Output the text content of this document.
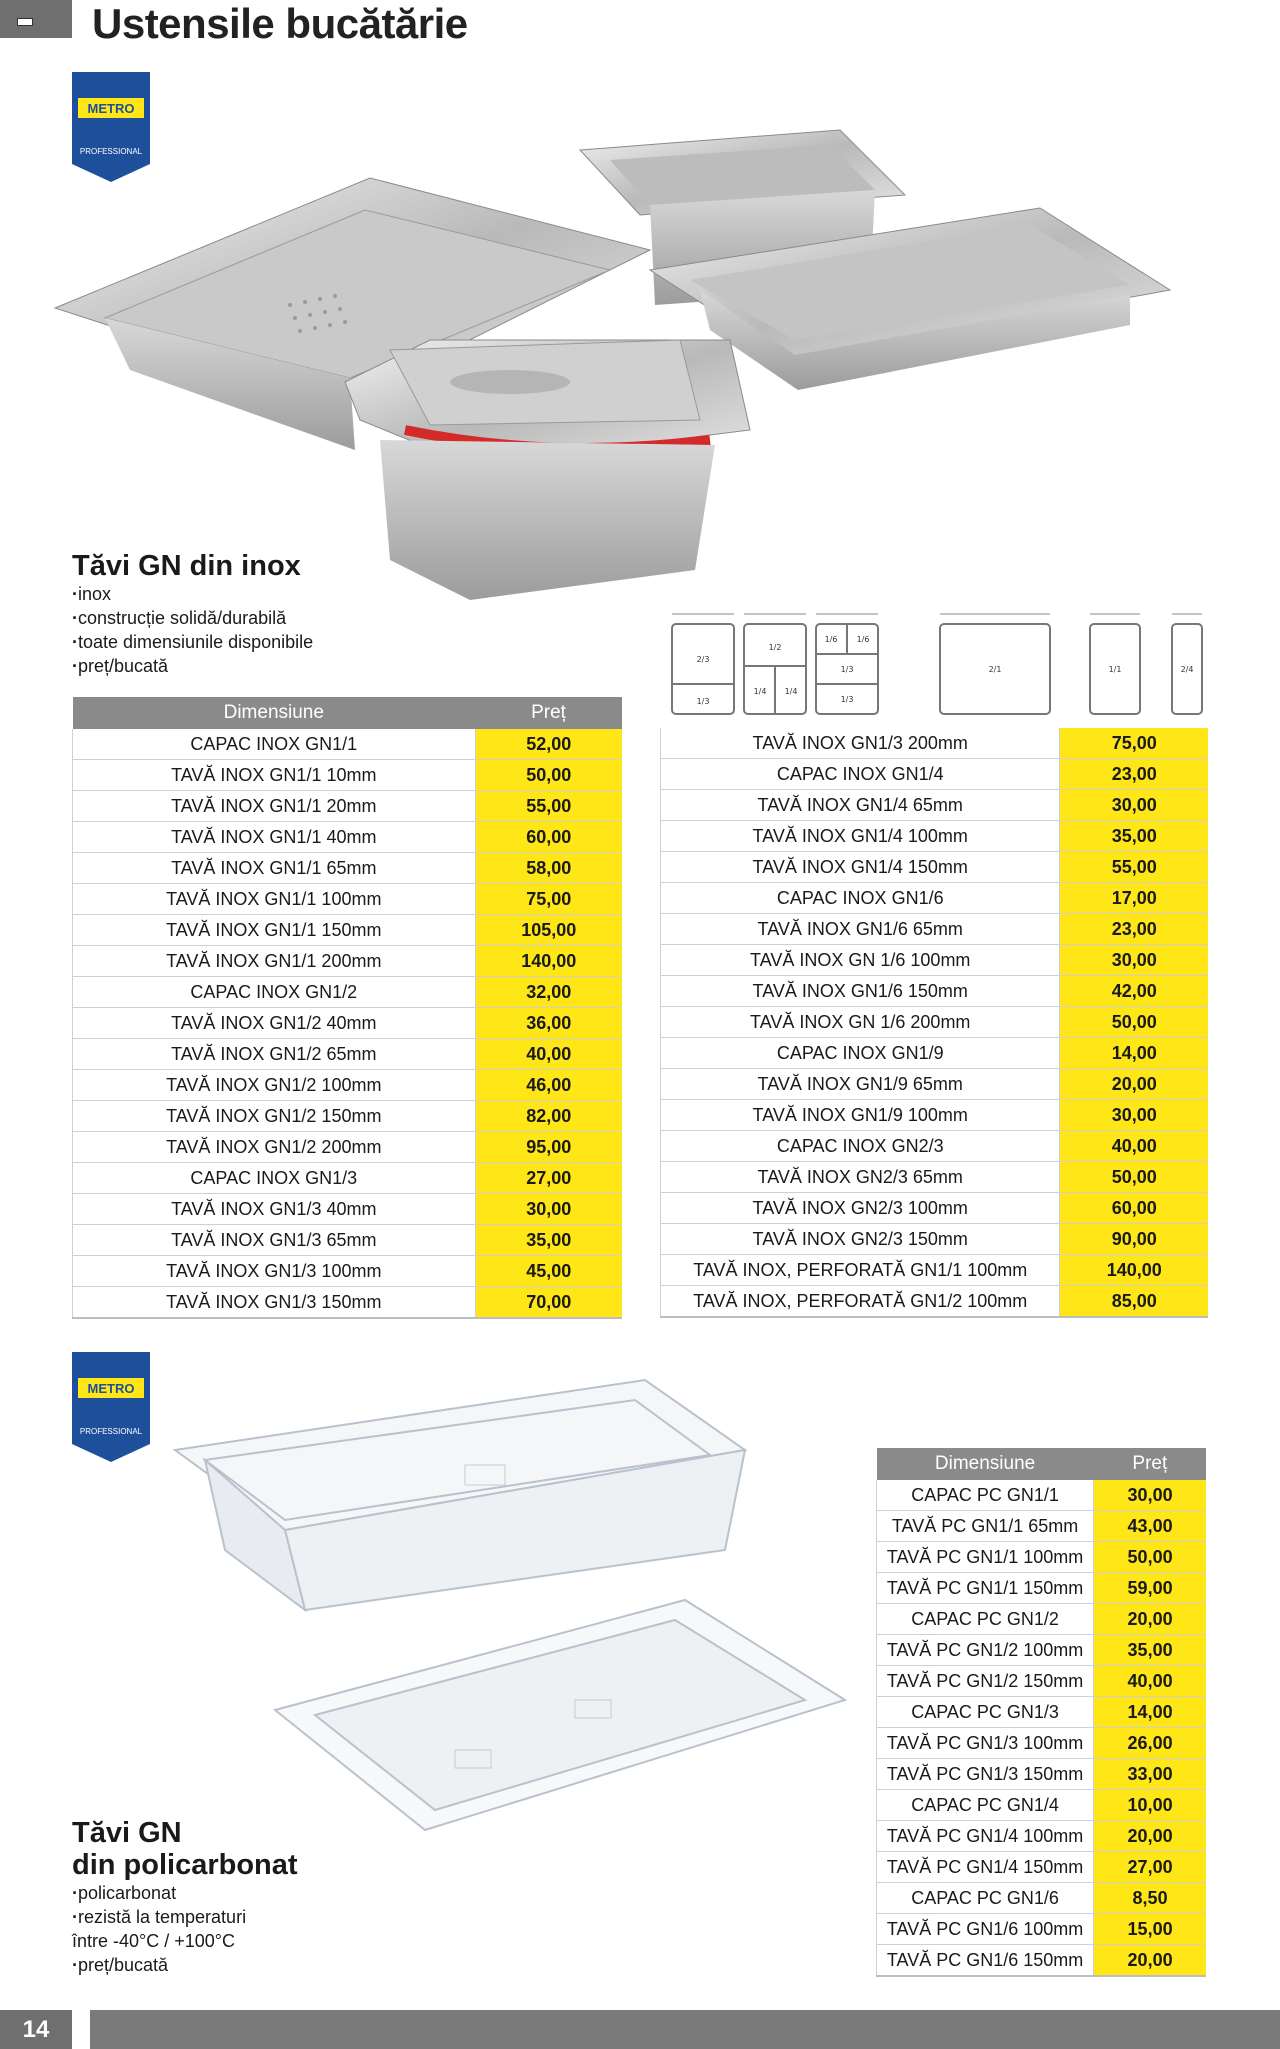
Ustensile bucătărie
METRO
PROFESSIONAL
Tăvi GN din inox
· inox
· construcție solidă/durabilă
· toate dimensiunile disponibile
· preț/bucată	2/3
1/3
1/2
1/4 1/4
1/6 1/6
1/3
1/3
2/1	1/1	2/4
Dimensiune	Preț
CAPAC INOX GN1/1	52,00
TAVĂ INOX GN1/1 10mm	50,00
TAVĂ INOX GN1/1 20mm	55,00
TAVĂ INOX GN1/1 40mm	60,00
TAVĂ INOX GN1/1 65mm	58,00
TAVĂ INOX GN1/1 100mm	75,00
TAVĂ INOX GN1/1 150mm	105,00
TAVĂ INOX GN1/1 200mm	140,00
CAPAC INOX GN1/2	32,00
TAVĂ INOX GN1/2 40mm	36,00
TAVĂ INOX GN1/2 65mm	40,00
TAVĂ INOX GN1/2 100mm	46,00
TAVĂ INOX GN1/2 150mm	82,00
TAVĂ INOX GN1/2 200mm	95,00
CAPAC INOX GN1/3	27,00
TAVĂ INOX GN1/3 40mm	30,00
TAVĂ INOX GN1/3 65mm	35,00
TAVĂ INOX GN1/3 100mm	45,00
TAVĂ INOX GN1/3 150mm	70,00
TAVĂ INOX GN1/3 200mm	75,00
CAPAC INOX GN1/4	23,00
TAVĂ INOX GN1/4 65mm	30,00
TAVĂ INOX GN1/4 100mm	35,00
TAVĂ INOX GN1/4 150mm	55,00
CAPAC INOX GN1/6	17,00
TAVĂ INOX GN1/6 65mm	23,00
TAVĂ INOX GN 1/6 100mm	30,00
TAVĂ INOX GN1/6 150mm	42,00
TAVĂ INOX GN 1/6 200mm	50,00
CAPAC INOX GN1/9	14,00
TAVĂ INOX GN1/9 65mm	20,00
TAVĂ INOX GN1/9 100mm	30,00
CAPAC INOX GN2/3	40,00
TAVĂ INOX GN2/3 65mm	50,00
TAVĂ INOX GN2/3 100mm	60,00
TAVĂ INOX GN2/3 150mm	90,00
TAVĂ INOX, PERFORATĂ GN1/1 100mm	140,00
TAVĂ INOX, PERFORATĂ GN1/2 100mm	85,00
METRO
PROFESSIONAL
Tăvi GN
din policarbonat
· policarbonat
· rezistă la temperaturi
între -40°C / +100°C
· preț/bucată
Dimensiune	Preț
CAPAC PC GN1/1	30,00
TAVĂ PC GN1/1 65mm	43,00
TAVĂ PC GN1/1 100mm	50,00
TAVĂ PC GN1/1 150mm	59,00
CAPAC PC GN1/2	20,00
TAVĂ PC GN1/2 100mm	35,00
TAVĂ PC GN1/2 150mm	40,00
CAPAC PC GN1/3	14,00
TAVĂ PC GN1/3 100mm	26,00
TAVĂ PC GN1/3 150mm	33,00
CAPAC PC GN1/4	10,00
TAVĂ PC GN1/4 100mm	20,00
TAVĂ PC GN1/4 150mm	27,00
CAPAC PC GN1/6	8,50
TAVĂ PC GN1/6 100mm	15,00
TAVĂ PC GN1/6 150mm	20,00
14
